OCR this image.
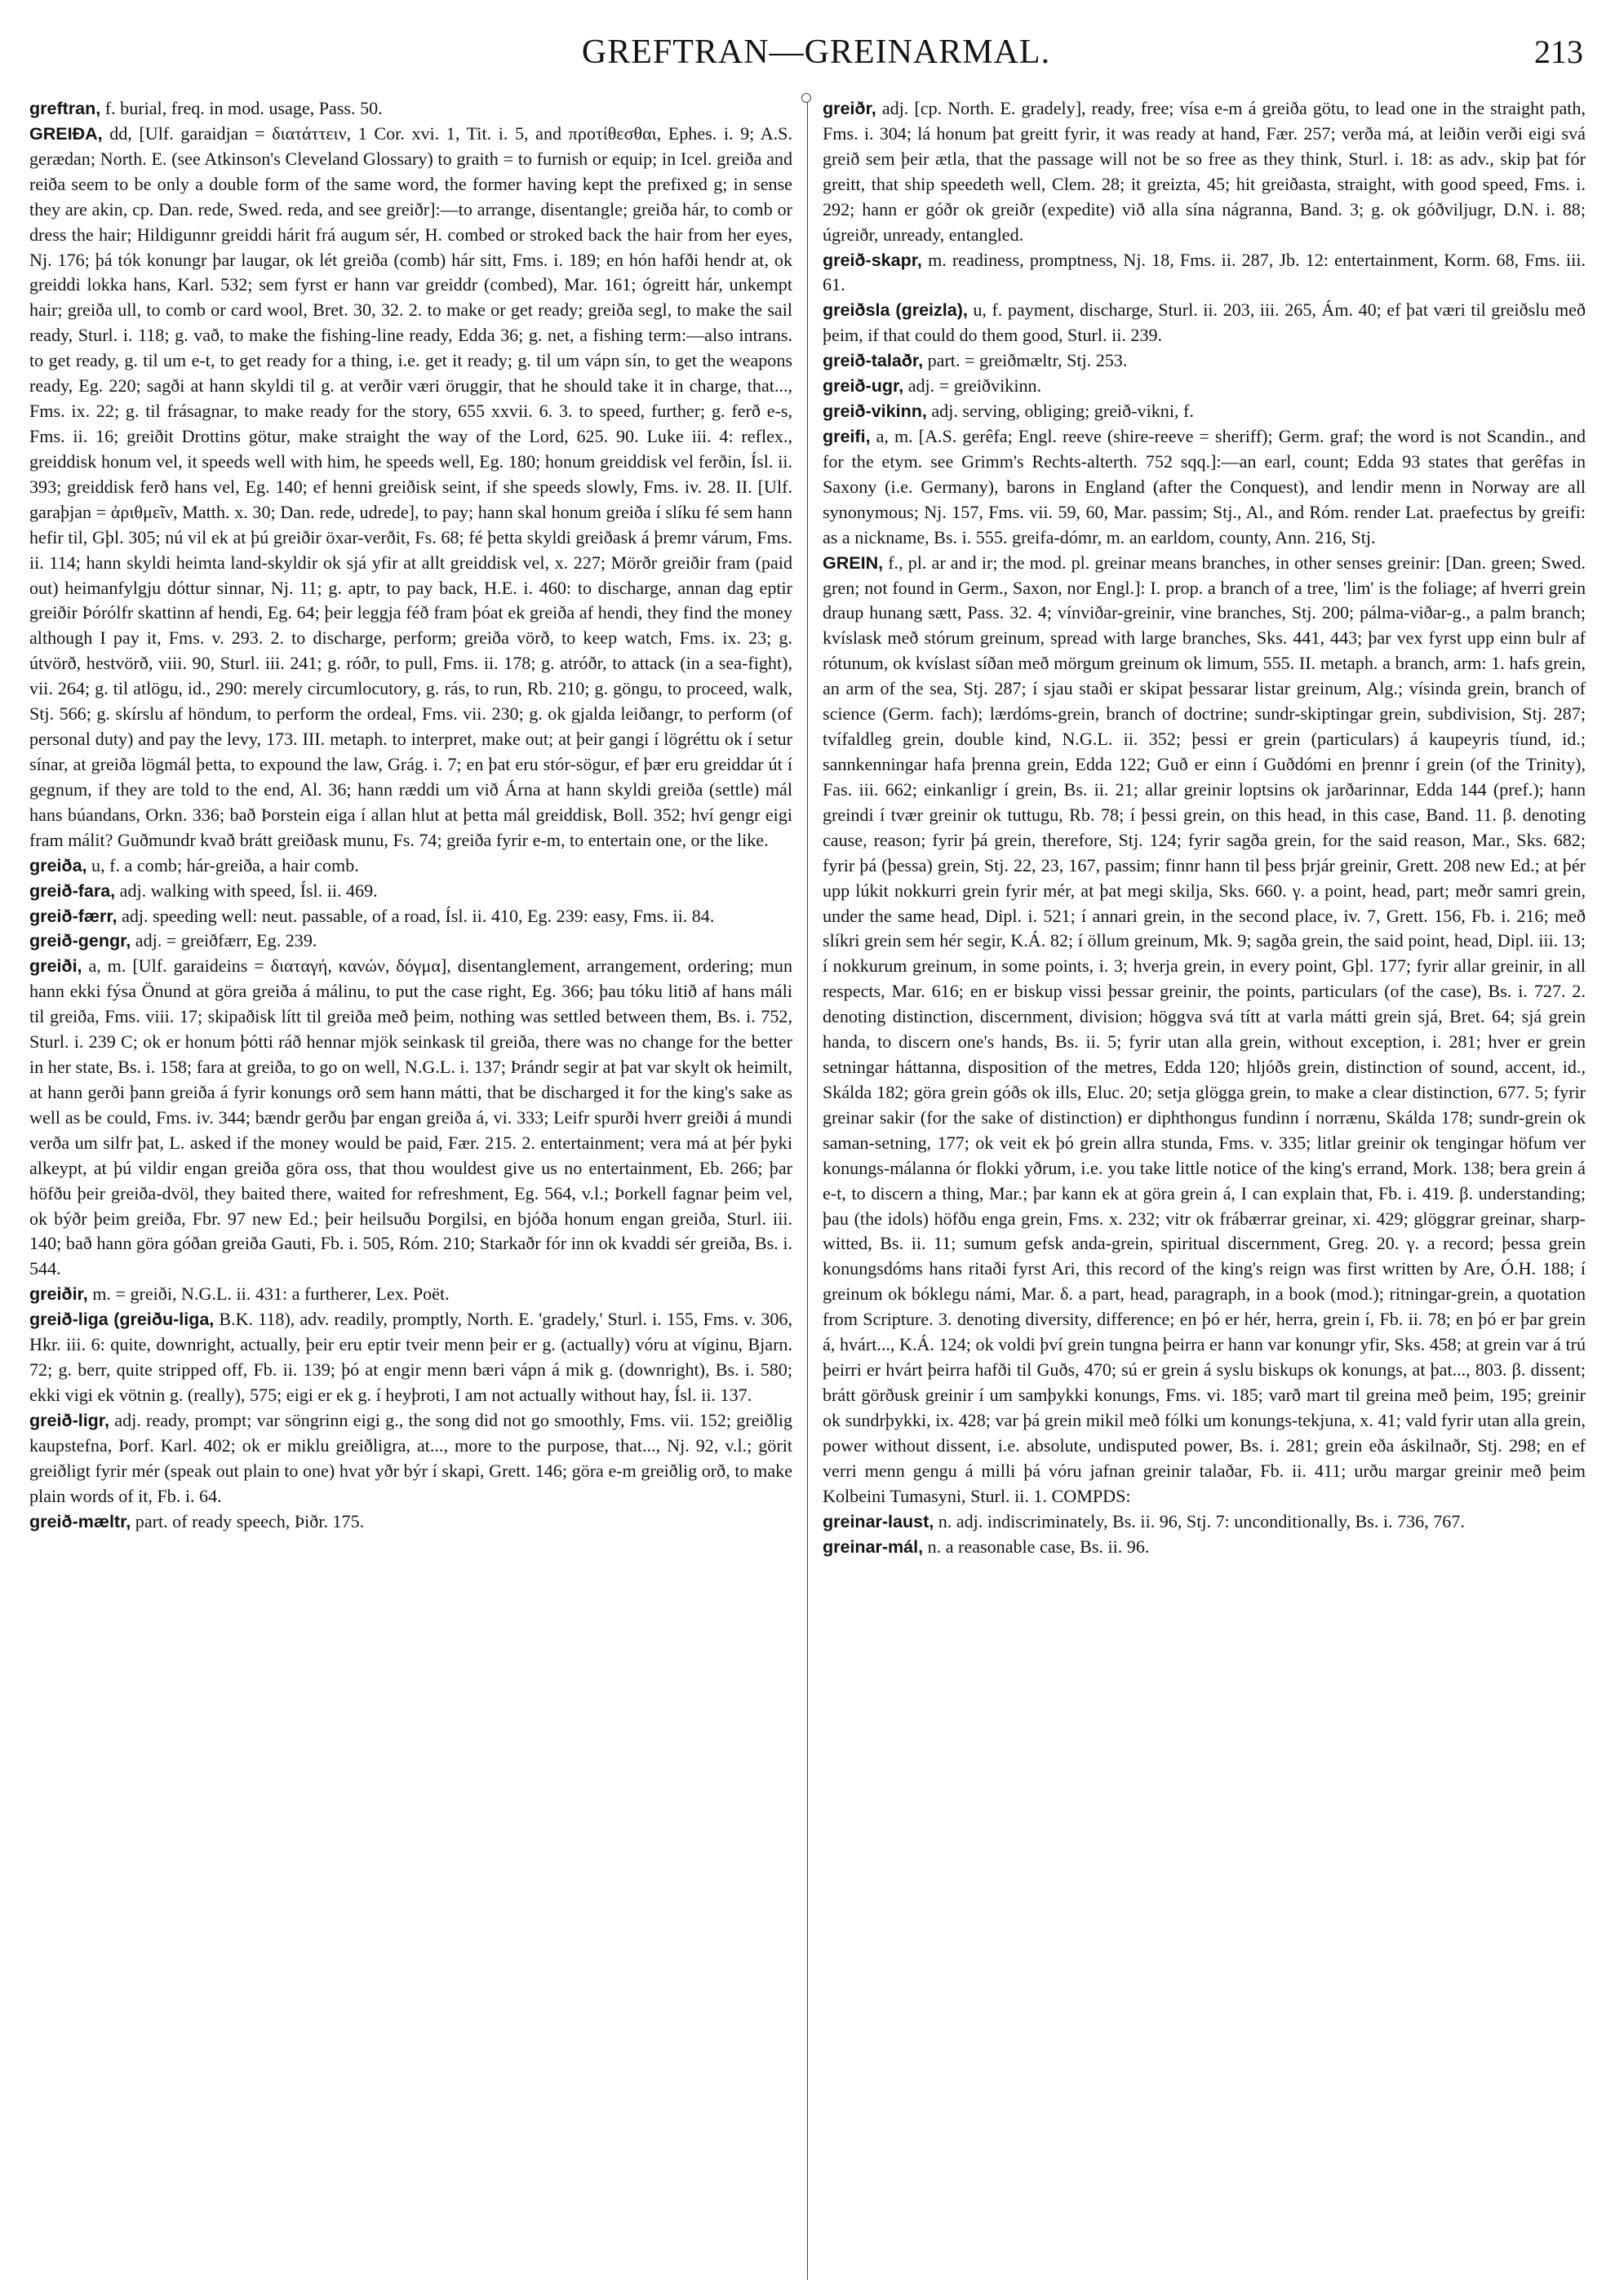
GREFTRAN—GREINARMAL.	213

greftran, f. burial, freq. in mod. usage, Pass. 50.

GREIÐA, dd, [Ulf. garaidjan = διατάττειν, 1 Cor. xvi. 1, Tit. i. 5, and προτίθεσθαι, Ephes. i. 9; A.S. gerædan; North. E. (see Atkinson's Cleveland Glossary) to graith = to furnish or equip; in Icel. greiða and reiða seem to be only a double form of the same word, the former having kept the prefixed g; in sense they are akin, cp. Dan. rede, Swed. reda, and see greiðr]:—to arrange, disentangle; greiða hár, to comb or dress the hair; Hildigunnr greiddi hárit frá augum sér, H. combed or stroked back the hair from her eyes, Nj. 176; þá tók konungr þar laugar, ok lét greiða (comb) hár sitt, Fms. i. 189; en hón hafði hendr at, ok greiddi lokka hans, Karl. 532; sem fyrst er hann var greiddr (combed), Mar. 161; ógreitt hár, unkempt hair; greiða ull, to comb or card wool, Bret. 30, 32. 2. to make or get ready; greiða segl, to make the sail ready, Sturl. i. 118; g. vað, to make the fishing-line ready, Edda 36; g. net, a fishing term:—also intrans. to get ready, g. til um e-t, to get ready for a thing, i.e. get it ready; g. til um vápn sín, to get the weapons ready, Eg. 220; sagði at hann skyldi til g. at verðir væri öruggir, that he should take it in charge, that..., Fms. ix. 22; g. til frásagnar, to make ready for the story, 655 xxvii. 6. 3. to speed, further; g. ferð e-s, Fms. ii. 16; greiðit Drottins götur, make straight the way of the Lord, 625. 90. Luke iii. 4: reflex., greiddisk honum vel, it speeds well with him, he speeds well, Eg. 180; honum greiddisk vel ferðin, Ísl. ii. 393; greiddisk ferð hans vel, Eg. 140; ef henni greiðisk seint, if she speeds slowly, Fms. iv. 28. II. [Ulf. garaþjan = ἀριθμεῖν, Matth. x. 30; Dan. rede, udrede], to pay; hann skal honum greiða í slíku fé sem hann hefir til, Gþl. 305; nú vil ek at þú greiðir öxar-verðit, Fs. 68; fé þetta skyldi greiðask á þremr várum, Fms. ii. 114; hann skyldi heimta land-skyldir ok sjá yfir at allt greiddisk vel, x. 227; Mörðr greiðir fram (paid out) heimanfylgju dóttur sinnar, Nj. 11; g. aptr, to pay back, H.E. i. 460: to discharge, annan dag eptir greiðir Þórólfr skattinn af hendi, Eg. 64; þeir leggja féð fram þóat ek greiða af hendi, they find the money although I pay it, Fms. v. 293. 2. to discharge, perform; greiða vörð, to keep watch, Fms. ix. 23; g. útvörð, hestvörð, viii. 90, Sturl. iii. 241; g. róðr, to pull, Fms. ii. 178; g. atróðr, to attack (in a sea-fight), vii. 264; g. til atlögu, id., 290: merely circumlocutory, g. rás, to run, Rb. 210; g. göngu, to proceed, walk, Stj. 566; g. skírslu af höndum, to perform the ordeal, Fms. vii. 230; g. ok gjalda leiðangr, to perform (of personal duty) and pay the levy, 173. III. metaph. to interpret, make out; at þeir gangi í lögréttu ok í setur sínar, at greiða lögmál þetta, to expound the law, Grág. i. 7; en þat eru stór-sögur, ef þær eru greiddar út í gegnum, if they are told to the end, Al. 36; hann ræddi um við Árna at hann skyldi greiða (settle) mál hans búandans, Orkn. 336; bað Þorstein eiga í allan hlut at þetta mál greiddisk, Boll. 352; hví gengr eigi fram málit? Guðmundr kvað brátt greiðask munu, Fs. 74; greiða fyrir e-m, to entertain one, or the like.

greiða, u, f. a comb; hár-greiða, a hair comb.

greið-fara, adj. walking with speed, Ísl. ii. 469.

greið-færr, adj. speeding well: neut. passable, of a road, Ísl. ii. 410, Eg. 239: easy, Fms. ii. 84.

greið-gengr, adj. = greiðfærr, Eg. 239.

greiði, a, m. [Ulf. garaideins = διαταγή, κανών, δόγμα], disentanglement, arrangement, ordering; mun hann ekki fýsa Önund at göra greiða á málinu, to put the case right, Eg. 366; þau tóku litið af hans máli til greiða, Fms. viii. 17; skipaðisk lítt til greiða með þeim, nothing was settled between them, Bs. i. 752, Sturl. i. 239 C; ok er honum þótti ráð hennar mjök seinkask til greiða, there was no change for the better in her state, Bs. i. 158; fara at greiða, to go on well, N.G.L. i. 137; Þrándr segir at þat var skylt ok heimilt, at hann gerði þann greiða á fyrir konungs orð sem hann mátti, that be discharged it for the king's sake as well as be could, Fms. iv. 344; bændr gerðu þar engan greiða á, vi. 333; Leifr spurði hverr greiði á mundi verða um silfr þat, L. asked if the money would be paid, Fær. 215. 2. entertainment; vera má at þér þyki alkeypt, at þú vildir engan greiða göra oss, that thou wouldest give us no entertainment, Eb. 266; þar höfðu þeir greiða-dvöl, they baited there, waited for refreshment, Eg. 564, v.l.; Þorkell fagnar þeim vel, ok býðr þeim greiða, Fbr. 97 new Ed.; þeir heilsuðu Þorgilsi, en bjóða honum engan greiða, Sturl. iii. 140; bað hann göra góðan greiða Gauti, Fb. i. 505, Róm. 210; Starkaðr fór inn ok kvaddi sér greiða, Bs. i. 544.

greiðir, m. = greiði, N.G.L. ii. 431: a furtherer, Lex. Poët.

greið-liga (greiðu-liga, B.K. 118), adv. readily, promptly, North. E. 'gradely,' Sturl. i. 155, Fms. v. 306, Hkr. iii. 6: quite, downright, actually, þeir eru eptir tveir menn þeir er g. (actually) vóru at víginu, Bjarn. 72; g. berr, quite stripped off, Fb. ii. 139; þó at engir menn bæri vápn á mik g. (downright), Bs. i. 580; ekki vigi ek vötnin g. (really), 575; eigi er ek g. í heyþroti, I am not actually without hay, Ísl. ii. 137.

greið-ligr, adj. ready, prompt; var söngrinn eigi g., the song did not go smoothly, Fms. vii. 152; greiðlig kaupstefna, Þorf. Karl. 402; ok er miklu greiðligra, at..., more to the purpose, that..., Nj. 92, v.l.; görit greiðligt fyrir mér (speak out plain to one) hvat yðr býr í skapi, Grett. 146; göra e-m greiðlig orð, to make plain words of it, Fb. i. 64.

greið-mæltr, part. of ready speech, Þiðr. 175.

greiðr, adj. [cp. North. E. gradely], ready, free; vísa e-m á greiða götu, to lead one in the straight path, Fms. i. 304; lá honum þat greitt fyrir, it was ready at hand, Fær. 257; verða má, at leiðin verði eigi svá greið sem þeir ætla, that the passage will not be so free as they think, Sturl. i. 18: as adv., skip þat fór greitt, that ship speedeth well, Clem. 28; it greizta, 45; hit greiðasta, straight, with good speed, Fms. i. 292; hann er góðr ok greiðr (expedite) við alla sína nágranna, Band. 3; g. ok góðviljugr, D.N. i. 88; úgreiðr, unready, entangled.

greið-skapr, m. readiness, promptness, Nj. 18, Fms. ii. 287, Jb. 12: entertainment, Korm. 68, Fms. iii. 61.

greiðsla (greizla), u, f. payment, discharge, Sturl. ii. 203, iii. 265, Ám. 40; ef þat væri til greiðslu með þeim, if that could do them good, Sturl. ii. 239.

greið-talaðr, part. = greiðmæltr, Stj. 253.

greið-ugr, adj. = greiðvikinn.

greið-vikinn, adj. serving, obliging; greið-vikni, f.

greifi, a, m. [A.S. gerêfa; Engl. reeve (shire-reeve = sheriff); Germ. graf; the word is not Scandin., and for the etym. see Grimm's Rechts-alterth. 752 sqq.]:—an earl, count; Edda 93 states that gerêfas in Saxony (i.e. Germany), barons in England (after the Conquest), and lendir menn in Norway are all synonymous; Nj. 157, Fms. vii. 59, 60, Mar. passim; Stj., Al., and Róm. render Lat. praefectus by greifi: as a nickname, Bs. i. 555. greifa-dómr, m. an earldom, county, Ann. 216, Stj.

GREIN, f., pl. ar and ir; the mod. pl. greinar means branches, in other senses greinir: [Dan. green; Swed. gren; not found in Germ., Saxon, nor Engl.]: I. prop. a branch of a tree, 'lim' is the foliage; af hverri grein draup hunang sætt, Pass. 32. 4; vínviðar-greinir, vine branches, Stj. 200; pálma-viðar-g., a palm branch; kvíslask með stórum greinum, spread with large branches, Sks. 441, 443; þar vex fyrst upp einn bulr af rótunum, ok kvíslast síðan með mörgum greinum ok limum, 555. II. metaph. a branch, arm: 1. hafs grein, an arm of the sea, Stj. 287; í sjau staði er skipat þessarar listar greinum, Alg.; vísinda grein, branch of science (Germ. fach); lærdóms-grein, branch of doctrine; sundr-skiptingar grein, subdivision, Stj. 287; tvífaldleg grein, double kind, N.G.L. ii. 352; þessi er grein (particulars) á kaupeyris tíund, id.; sannkenningar hafa þrenna grein, Edda 122; Guð er einn í Guðdómi en þrennr í grein (of the Trinity), Fas. iii. 662; einkanligr í grein, Bs. ii. 21; allar greinir loptsins ok jarðarinnar, Edda 144 (pref.); hann greindi í tvær greinir ok tuttugu, Rb. 78; í þessi grein, on this head, in this case, Band. 11. β. denoting cause, reason; fyrir þá grein, therefore, Stj. 124; fyrir sagða grein, for the said reason, Mar., Sks. 682; fyrir þá (þessa) grein, Stj. 22, 23, 167, passim; finnr hann til þess þrjár greinir, Grett. 208 new Ed.; at þér upp lúkit nokkurri grein fyrir mér, at þat megi skilja, Sks. 660. γ. a point, head, part; meðr samri grein, under the same head, Dipl. i. 521; í annari grein, in the second place, iv. 7, Grett. 156, Fb. i. 216; með slíkri grein sem hér segir, K.Á. 82; í öllum greinum, Mk. 9; sagða grein, the said point, head, Dipl. iii. 13; í nokkurum greinum, in some points, i. 3; hverja grein, in every point, Gþl. 177; fyrir allar greinir, in all respects, Mar. 616; en er biskup vissi þessar greinir, the points, particulars (of the case), Bs. i. 727. 2. denoting distinction, discernment, division; höggva svá títt at varla mátti grein sjá, Bret. 64; sjá grein handa, to discern one's hands, Bs. ii. 5; fyrir utan alla grein, without exception, i. 281; hver er grein setningar háttanna, disposition of the metres, Edda 120; hljóðs grein, distinction of sound, accent, id., Skálda 182; göra grein góðs ok ills, Eluc. 20; setja glögga grein, to make a clear distinction, 677. 5; fyrir greinar sakir (for the sake of distinction) er diphthongus fundinn í norrænu, Skálda 178; sundr-grein ok saman-setning, 177; ok veit ek þó grein allra stunda, Fms. v. 335; litlar greinir ok tengingar höfum ver konungs-málanna ór flokki yðrum, i.e. you take little notice of the king's errand, Mork. 138; bera grein á e-t, to discern a thing, Mar.; þar kann ek at göra grein á, I can explain that, Fb. i. 419. β. understanding; þau (the idols) höfðu enga grein, Fms. x. 232; vitr ok frábærrar greinar, xi. 429; glöggrar greinar, sharp-witted, Bs. ii. 11; sumum gefsk anda-grein, spiritual discernment, Greg. 20. γ. a record; þessa grein konungsdóms hans ritaði fyrst Ari, this record of the king's reign was first written by Are, Ó.H. 188; í greinum ok bóklegu námi, Mar. δ. a part, head, paragraph, in a book (mod.); ritningar-grein, a quotation from Scripture. 3. denoting diversity, difference; en þó er hér, herra, grein í, Fb. ii. 78; en þó er þar grein á, hvárt..., K.Á. 124; ok voldi því grein tungna þeirra er hann var konungr yfir, Sks. 458; at grein var á trú þeirri er hvárt þeirra hafði til Guðs, 470; sú er grein á syslu biskups ok konungs, at þat..., 803. β. dissent; brátt görðusk greinir í um samþykki konungs, Fms. vi. 185; varð mart til greina með þeim, 195; greinir ok sundrþykki, ix. 428; var þá grein mikil með fólki um konungs-tekjuna, x. 41; vald fyrir utan alla grein, power without dissent, i.e. absolute, undisputed power, Bs. i. 281; grein eða áskilnaðr, Stj. 298; en ef verri menn gengu á milli þá vóru jafnan greinir talaðar, Fb. ii. 411; urðu margar greinir með þeim Kolbeini Tumasyni, Sturl. ii. 1. COMPDS:

greinar-laust, n. adj. indiscriminately, Bs. ii. 96, Stj. 7: unconditionally, Bs. i. 736, 767.

greinar-mál, n. a reasonable case, Bs. ii. 96.
